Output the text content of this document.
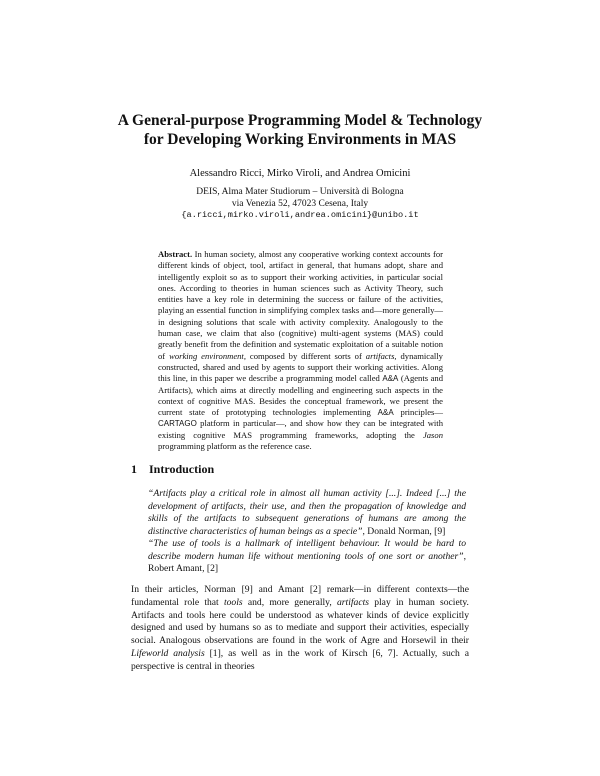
A General-purpose Programming Model & Technology
for Developing Working Environments in MAS
Alessandro Ricci, Mirko Viroli, and Andrea Omicini
DEIS, Alma Mater Studiorum – Università di Bologna
via Venezia 52, 47023 Cesena, Italy
{a.ricci,mirko.viroli,andrea.omicini}@unibo.it
Abstract. In human society, almost any cooperative working context accounts for different kinds of object, tool, artifact in general, that humans adopt, share and intelligently exploit so as to support their working activities, in particular social ones. According to theories in human sciences such as Activity Theory, such entities have a key role in determining the success or failure of the activities, playing an essential function in simplifying complex tasks and—more generally—in designing solutions that scale with activity complexity. Analogously to the human case, we claim that also (cognitive) multi-agent systems (MAS) could greatly benefit from the definition and systematic exploitation of a suitable notion of working environment, composed by different sorts of artifacts, dynamically constructed, shared and used by agents to support their working activities. Along this line, in this paper we describe a programming model called A&A (Agents and Artifacts), which aims at directly modelling and engineering such aspects in the context of cognitive MAS. Besides the conceptual framework, we present the current state of prototyping technologies implementing A&A principles—CARTAGO platform in particular—, and show how they can be integrated with existing cognitive MAS programming frameworks, adopting the Jason programming platform as the reference case.
1 Introduction
“Artifacts play a critical role in almost all human activity [...]. Indeed [...] the development of artifacts, their use, and then the propagation of knowledge and skills of the artifacts to subsequent generations of humans are among the distinctive characteristics of human beings as a specie”, Donald Norman, [9]
“The use of tools is a hallmark of intelligent behaviour. It would be hard to describe modern human life without mentioning tools of one sort or another”, Robert Amant, [2]

In their articles, Norman [9] and Amant [2] remark—in different contexts—the fundamental role that tools and, more generally, artifacts play in human society. Artifacts and tools here could be understood as whatever kinds of device explicitly designed and used by humans so as to mediate and support their activities, especially social. Analogous observations are found in the work of Agre and Horsewil in their Lifeworld analysis [1], as well as in the work of Kirsch [6, 7]. Actually, such a perspective is central in theories
